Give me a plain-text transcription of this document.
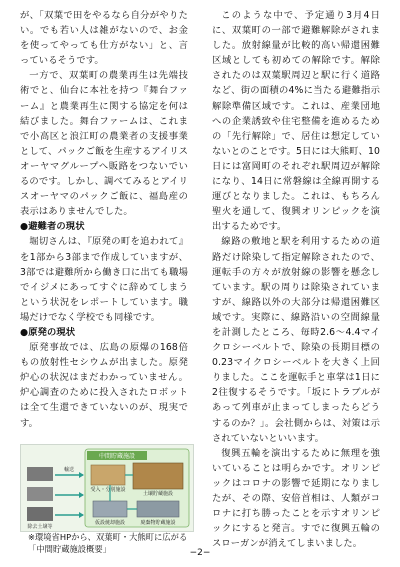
が、「双葉で田をやるなら自分がやりたい。でも若い人は雑がないので、お金を使ってやっても仕方がない」と、言っているそうです。

一方で、双葉町の農業再生は先端技術でと、仙台に本社を持つ『舞台ファーム』と農業再生に関する協定を何は結びました。舞台ファームは、これまで小高区と浪江町の農業者の支援事業として、パックご飯を生産するアイリスオーヤマグループへ販路をつないでいるのです。しかし、調べてみるとアイリスオーヤマのパックご飯に、福島産の表示はありませんでした。

●避難者の現状

堀切さんは、『原発の町を追われて』を1部から3部まで作成していますが、3部では避難所から働き口に出ても職場でイジメにあってすぐに辞めてしまうという状況をレポートしています。職場だけでなく学校でも同様です。

●原発の現状

原発事故では、広島の原爆の168倍もの放射性セシウムが出ました。原発炉心の状況はまだわかっていません。炉心調査のために投入されたロボットは全て生還できていないのが、現実です。

中間貯蔵施設
除去土壌等
輸送
受入・分別施設
土壌貯蔵施設
仮設焼却施設	廃棄物貯蔵施設
※環境省HPから、双葉町・大熊町に広がる「中間貯蔵施設概要」

このような中で、予定通り3月4日に、双葉町の一部で避難解除がされました。放射線量が比較的高い帰還困難区域としても初めての解除です。解除されたのは双葉駅周辺と駅に行く道路など、街の面積の4%に当たる避難指示解除準備区域です。これは、産業団地への企業誘致や住宅整備を進めるための「先行解除」で、居住は想定していないとのことです。5日には大熊町、10日には富岡町のそれぞれ駅周辺が解除になり、14日に常磐線は全線再開する運びとなりました。これは、もちろん聖火を通して、復興オリンピックを演出するためです。

線路の敷地と駅を利用するための道路だけ除染して指定解除されたので、運転手の方々が放射線の影響を懸念しています。駅の周りは除染されていますが、線路以外の大部分は帰還困難区域です。実際に、線路沿いの空間線量を計測したところ、毎時2.6〜4.4マイクロシーベルトで、除染の長期目標の0.23マイクロシーベルトを大きく上回りました。ここを運転手と車掌は1日に2往復するそうです。「坂にトラブルがあって列車が止まってしまったらどうするのか？」。会社側からは、対策は示されていないといいます。

復興五輪を演出するために無理を強いていることは明らかです。オリンピックはコロナの影響で延期になりましたが、その際、安倍首相は、人類がコロナに打ち勝ったことを示すオリンピックにすると発言。すでに復興五輪のスローガンが消えてしまいました。

−2−
